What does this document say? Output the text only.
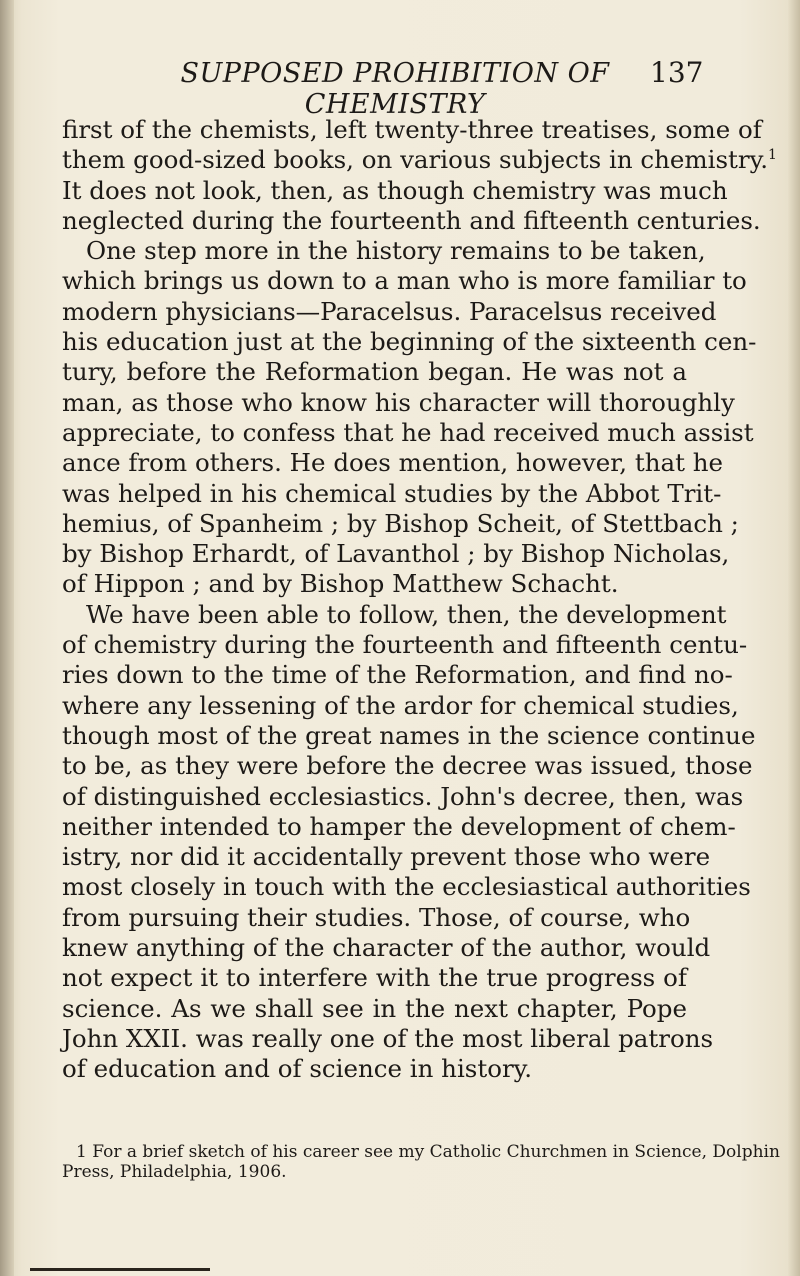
SUPPOSED PROHIBITION OF CHEMISTRY
137
first of the chemists, left twenty-three treatises, some of
them good-sized books, on various subjects in chemistry.$^1$
It does not look, then, as though chemistry was much
neglected during the fourteenth and fifteenth centuries.
One step more in the history remains to be taken,
which brings us down to a man who is more familiar to
modern physicians—Paracelsus. Paracelsus received
his education just at the beginning of the sixteenth cen-
tury, before the Reformation began. He was not a
man, as those who know his character will thoroughly
appreciate, to confess that he had received much assist
ance from others. He does mention, however, that he
was helped in his chemical studies by the Abbot Trit-
hemius, of Spanheim ; by Bishop Scheit, of Stettbach ;
by Bishop Erhardt, of Lavanthol ; by Bishop Nicholas,
of Hippon ; and by Bishop Matthew Schacht.
We have been able to follow, then, the development
of chemistry during the fourteenth and fifteenth centu-
ries down to the time of the Reformation, and find no-
where any lessening of the ardor for chemical studies,
though most of the great names in the science continue
to be, as they were before the decree was issued, those
of distinguished ecclesiastics. John's decree, then, was
neither intended to hamper the development of chem-
istry, nor did it accidentally prevent those who were
most closely in touch with the ecclesiastical authorities
from pursuing their studies. Those, of course, who
knew anything of the character of the author, would
not expect it to interfere with the true progress of
science. As we shall see in the next chapter, Pope
John XXII. was really one of the most liberal patrons
of education and of science in history.
1 For a brief sketch of his career see my Catholic Churchmen in Science, Dolphin
Press, Philadelphia, 1906.
